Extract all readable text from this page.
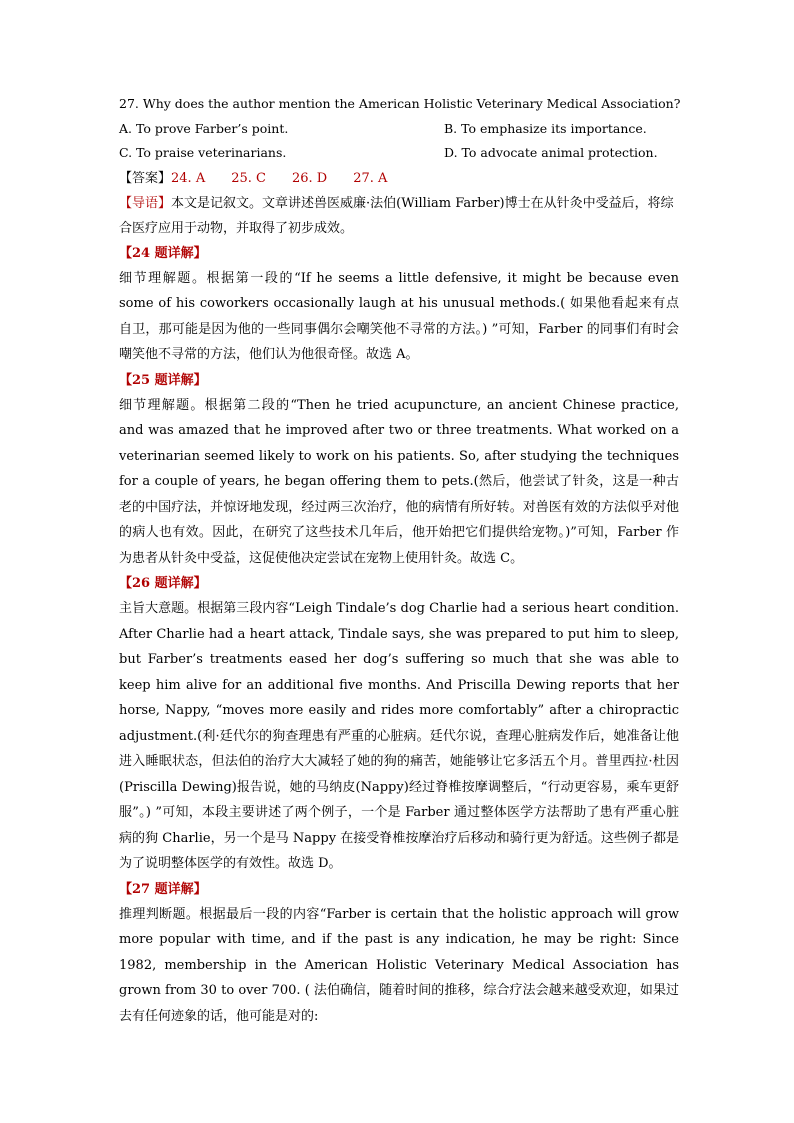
27. Why does the author mention the American Holistic Veterinary Medical Association?
A. To prove Farber’s point.	B. To emphasize its importance.
C. To praise veterinarians.	D. To advocate animal protection.
【答案】24. A 25. C 26. D 27. A
【导语】本文是记叙文。文章讲述兽医威廉·法伯(William Farber)博士在从针灸中受益后，将综合医疗应用于动物，并取得了初步成效。
【24 题详解】
细节理解题。根据第一段的“If he seems a little defensive, it might be because even some of his coworkers occasionally laugh at his unusual methods.( 如果他看起来有点自卫，那可能是因为他的一些同事偶尔会嘲笑他不寻常的方法。) ”可知，Farber 的同事们有时会嘲笑他不寻常的方法，他们认为他很奇怪。故选 A。
【25 题详解】
细节理解题。根据第二段的“Then he tried acupuncture, an ancient Chinese practice, and was amazed that he improved after two or three treatments. What worked on a veterinarian seemed likely to work on his patients. So, after studying the techniques for a couple of years, he began offering them to pets.(然后，他尝试了针灸，这是一种古老的中国疗法，并惊讶地发现，经过两三次治疗，他的病情有所好转。对兽医有效的方法似乎对他的病人也有效。因此，在研究了这些技术几年后，他开始把它们提供给宠物。)”可知，Farber 作为患者从针灸中受益，这促使他决定尝试在宠物上使用针灸。故选 C。
【26 题详解】
主旨大意题。根据第三段内容“Leigh Tindale’s dog Charlie had a serious heart condition. After Charlie had a heart attack, Tindale says, she was prepared to put him to sleep, but Farber’s treatments eased her dog’s suffering so much that she was able to keep him alive for an additional five months. And Priscilla Dewing reports that her horse, Nappy, “moves more easily and rides more comfortably” after a chiropractic adjustment.(利·廷代尔的狗查理患有严重的心脏病。廷代尔说，查理心脏病发作后，她准备让他进入睡眠状态，但法伯的治疗大大减轻了她的狗的痛苦，她能够让它多活五个月。普里西拉·杜因(Priscilla Dewing)报告说，她的马纳皮(Nappy)经过脊椎按摩调整后，“行动更容易，乘车更舒服”。) ”可知，本段主要讲述了两个例子，一个是 Farber 通过整体医学方法帮助了患有严重心脏病的狗 Charlie，另一个是马 Nappy 在接受脊椎按摩治疗后移动和骑行更为舒适。这些例子都是为了说明整体医学的有效性。故选 D。
【27 题详解】
推理判断题。根据最后一段的内容“Farber is certain that the holistic approach will grow more popular with time, and if the past is any indication, he may be right: Since 1982, membership in the American Holistic Veterinary Medical Association has grown from 30 to over 700. ( 法伯确信，随着时间的推移，综合疗法会越来越受欢迎，如果过去有任何迹象的话，他可能是对的:
